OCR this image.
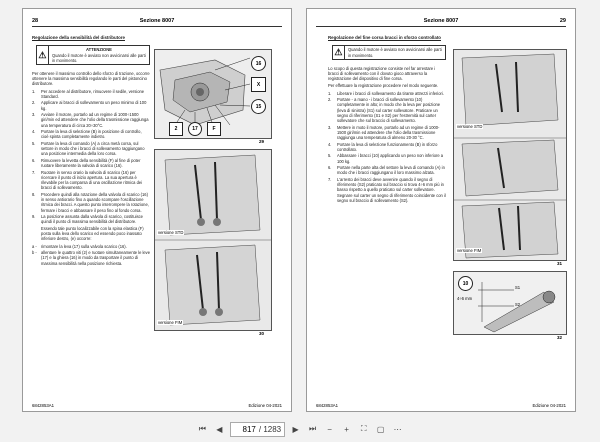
28	Sezione 8007
Regolazione della sensibilità del distributore
⚠	ATTENZIONE
Quando il motore è avviato non avvicinarsi alle parti in movimento.

Per ottenere il massimo controllo dello sforzo di trazione, occorre ottenere la massima sensibilità regolando le parti del pistoncino distributore.

1.	Per accedere al distributore, rimuovere il sedile, versione Standard.
2.	Applicare ai bracci di sollevamento un peso minimo di 100 kg.
3.	Avviare il motore, portarlo ad un regime di 1000÷1500 giri/min ed attendere che l'olio della trasmissione raggiunga una temperatura di circa 20÷30°C.
4.	Portare la leva di selezione (B) in posizione di controllo, cioè spinta completamente indietro.
5.	Portare la leva di comando (A) a circa metà corsa, sul settore in modo che i bracci di sollevamento raggiungano una posizione intermedia della loro corsa.
6.	Rimuovere la levetta della sensibilità (F) al fine di poter ruotare liberamente la valvola di scarico (16).
7.	Ruotare in senso orario la valvola di scarico (16) per ricercare il punto di inizio apertura. La sua apertura è rilevabile per la comparsa di una oscillazione ritmica dei bracci di sollevamento.
8.	Procedere quindi alla rotazione della valvola di scarico (16) in senso antiorario fino a quando scompare l'oscillazione ritmica dei bracci. A questo punto interrompere la rotazione, fermare i bracci e abbassare il peso fino al fondo corsa.
9.	La posizione assunta dalla valvola di scarico, costituisce quindi il punto di massima sensibilità del distributore.

Essendo tale punto localizzabile con la spina elastica (F) posta sulla leva dello scarico ed essendo poco inassato inferiore destro, (e) occorre:

a -	rimontare la leva (17) sulla valvola scarico (16).
b -	allentare le quattro viti (2) e ruotare simultaneamente le leve (17) e la ghiera (16) in modo da trasportare il punto di massima sensibilità nella posizione richiesta.
16
X
15
2	17	F
29
versione STD
versione FIM
30
6842853A1	Edizione 04-2021
Sezione 8007	29
Regolazione del fine corsa bracci in sforzo controllato
⚠	Quando il motore è avviato non avvicinarsi alle parti in movimento.

Lo scopo di questa registrazione consiste nel far arrestare i bracci di sollevamento con il dovuto gioco attraverso la registrazione del dispositivo di fine corsa.

Per effettuare la registrazione procedere nel modo seguente.

1.	Liberare i bracci di sollevamento da tirante attrezzi inferiori.
2.	Portare - a mano - i bracci di sollevamento (10) completamente in alto; in modo che la leva per posizione (leva di sinistra) (S1) sul carter sollevatore. Praticare un segno di riferimento (S1 e S2) per l'estremità sul carter sollevatore che sul braccio di sollevamento.
3.	Mettere in moto il motore, portarlo ad un regime di 1000-1500 giri/min ed attendere che l'olio della trasmissione raggiunga una temperatura di almeno 20-30 °C.
4.	Portare la leva di selezione funzionamento (B) in sforzo controllato.
5.	Abbassare i bracci (10) applicando un peso non inferiore a 100 kg.
6.	Portare nella parte alta del settore la leva di comando (A) in modo che i bracci raggiungano il loro massimo alzata.
7.	L'arresto dei bracci deve avvenire quando il segno di riferimento (S2) praticato sul braccio si trova 4÷6 mm più in basso rispetto a quello praticato sul carter sollevatore. Segnare sul carter un segno di riferimento coincidente con il segno sul braccio di sollevamento (S2).
versione STD
versione FIM
31
10
S1
S2
4÷6 mm
32
6842853A1	Edizione 04-2021
⏮	◀
817	/ 1283	▶	⏭	−	+	⛶	▢	⋯
